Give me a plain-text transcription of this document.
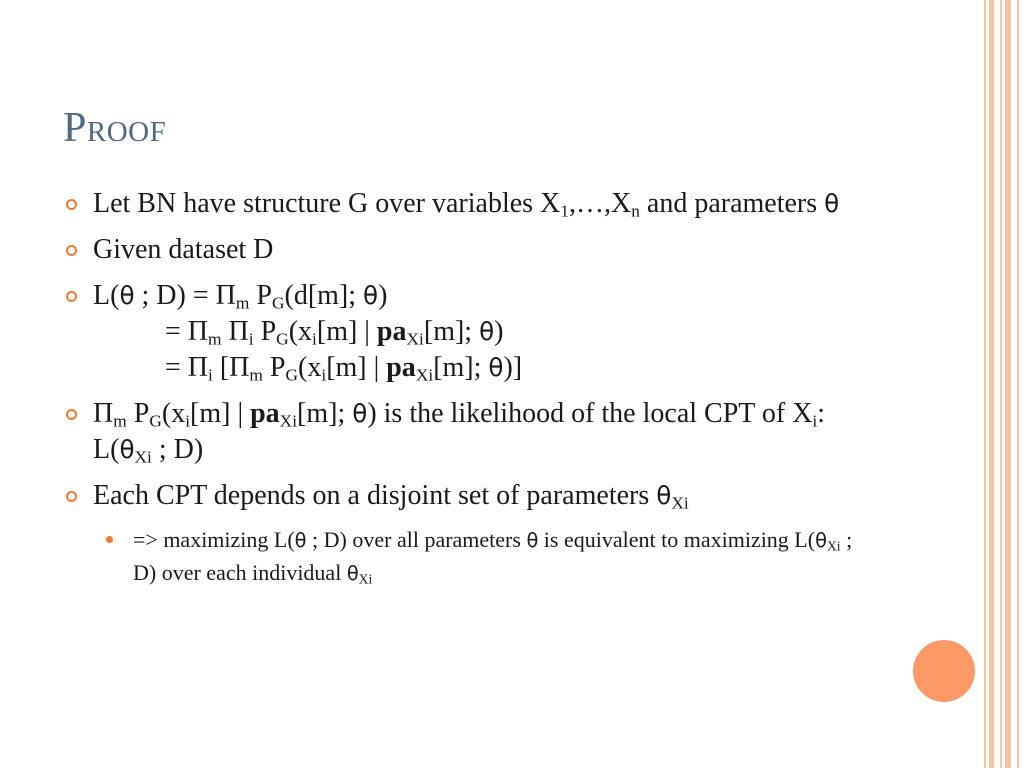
Proof
Let BN have structure G over variables $X_1,\dots,X_n$ and parameters θ
Given dataset D
L(θ ; $D) = \Pi_m$ $P_G(d[m]$; θ)
= $\Pi_m$ $\Pi_i$ $P_G(x_i[m]$ | $pa_{Xi}[m]$; θ)
= $\Pi_i$ [$\Pi_m$ $P_G(x_i[m]$ | $pa_{Xi}[m]$; θ)]
$\Pi_m$ $P_G(x_i[m]$ | $pa_{Xi}[m]$; θ) is the likelihood of the local CPT of $X_i$: $L(\theta_{Xi}$ ; D)
Each CPT depends on a disjoint set of parameters $\theta_{Xi}$
=> maximizing L(θ ; D) over all parameters θ is equivalent to maximizing $L(\theta_{Xi}$ ; D) over each individual $\theta_{Xi}$
